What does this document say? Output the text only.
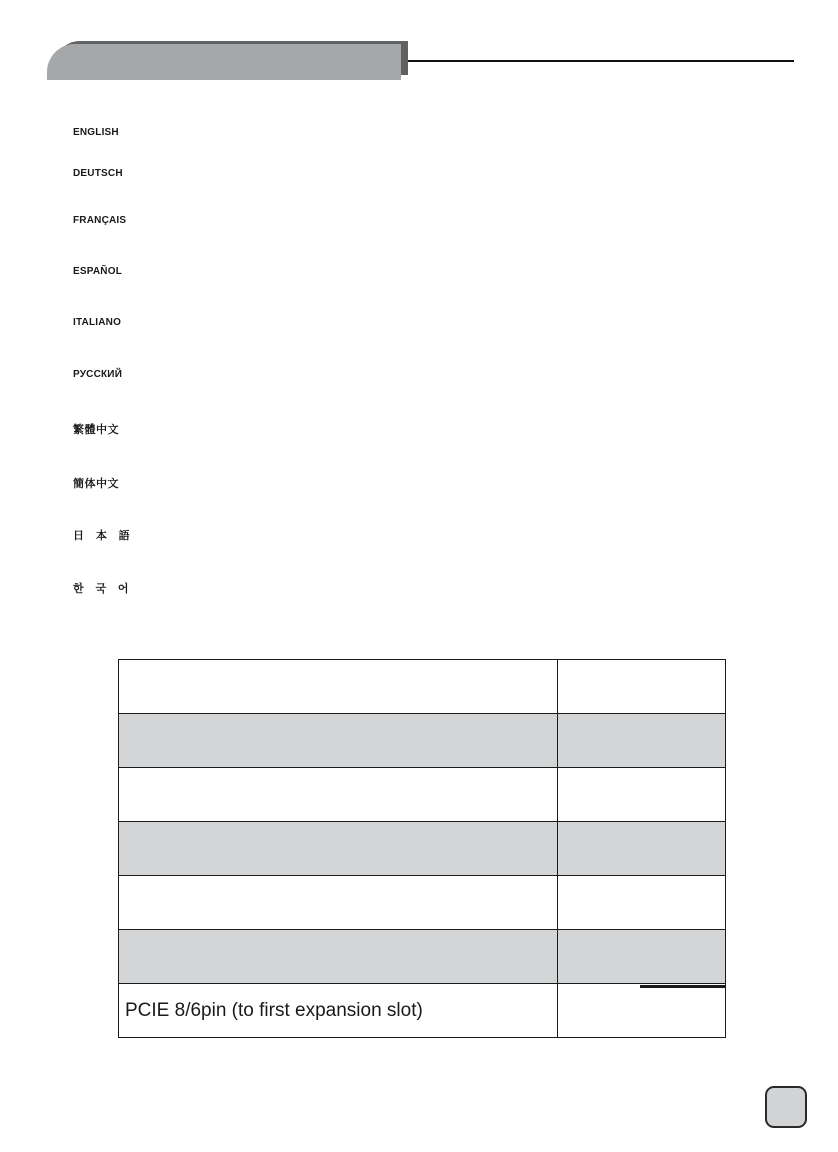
ENGLISH
DEUTSCH
FRANÇAIS
ESPAÑOL
ITALIANO
РУССКИЙ
繁體中文
簡体中文
日 本 語
한 국 어

PCIE 8/6pin (to first expansion slot)	
